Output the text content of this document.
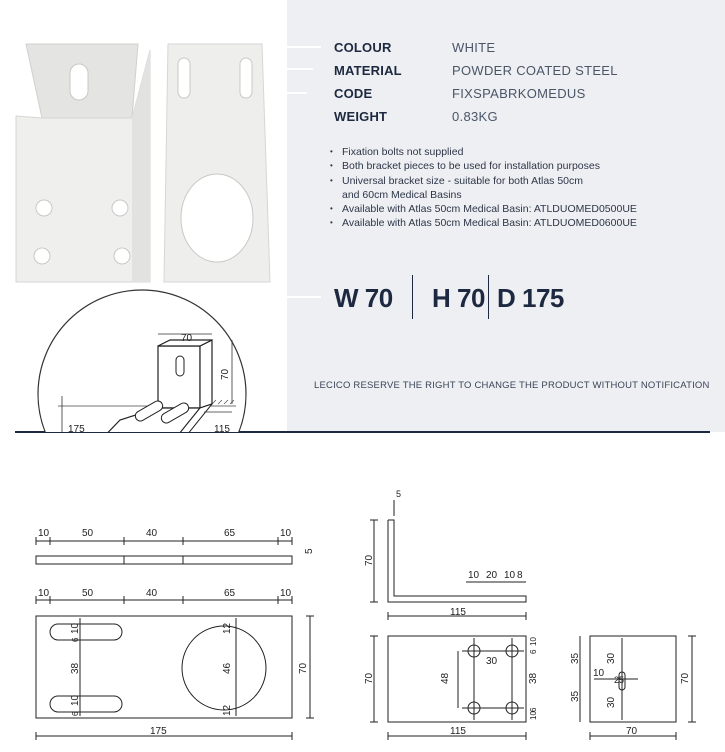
COLOUR	WHITE
MATERIAL	POWDER COATED STEEL
CODE	FIXSPABRKOMEDUS
WEIGHT	0.83KG
• Fixation bolts not supplied
• Both bracket pieces to be used for installation purposes
• Universal bracket size - suitable for both Atlas 50cm
and 60cm Medical Basins
• Available with Atlas 50cm Medical Basin: ATLDUOMED0500UE
• Available with Atlas 50cm Medical Basin: ATLDUOMED0600UE
W 70 H 70 D 175
LECICO RESERVE THE RIGHT TO CHANGE THE PRODUCT WITHOUT NOTIFICATION
70
70
175	115
10	50	40	65	10
5
10	50	40	65	10
10
6
38
10
6
12
46
12
70
175
5
70
10 20 10 8
115
70	48
30
10
6
38
6
10
115
35
35
30
30
10
25	70
70
